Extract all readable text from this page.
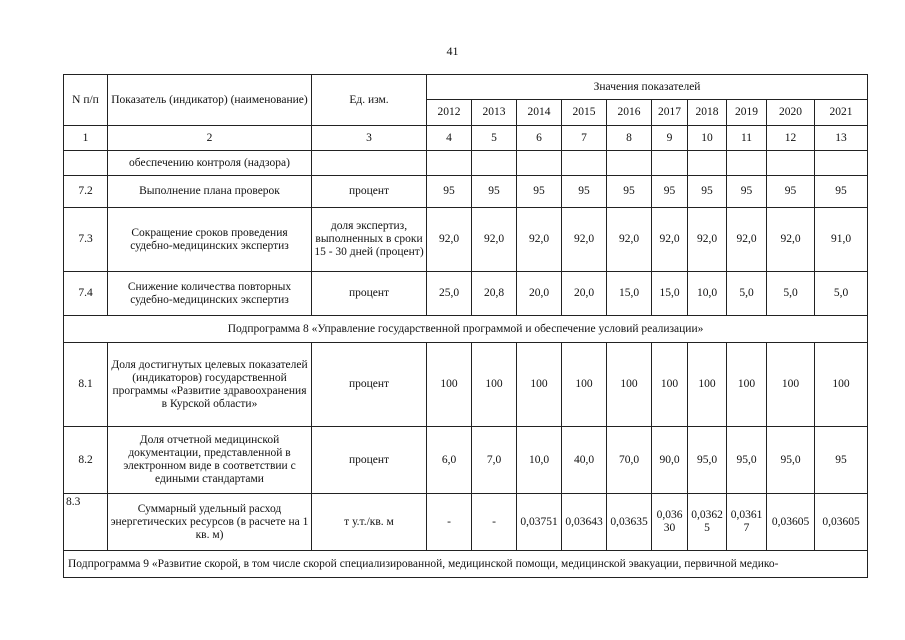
41
N п/п	Показатель (индикатор) (наименование)	Ед. изм.	Значения показателей									
			2012	2013	2014	2015	2016	2017	2018	2019	2020	2021
1	2	3	4	5	6	7	8	9	10	11	12	13
	обеспечению контроля (надзора)											
7.2	Выполнение плана проверок	процент	95	95	95	95	95	95	95	95	95	95
7.3	Сокращение сроков проведения судебно-медицинских экспертиз	доля экспертиз, выполненных в сроки 15 - 30 дней (процент)	92,0	92,0	92,0	92,0	92,0	92,0	92,0	92,0	92,0	91,0
7.4	Снижение количества повторных судебно-медицинских экспертиз	процент	25,0	20,8	20,0	20,0	15,0	15,0	10,0	5,0	5,0	5,0
Подпрограмма 8 «Управление государственной программой и обеспечение условий реализации»												
8.1	Доля достигнутых целевых показателей (индикаторов) государственной программы «Развитие здравоохранения в Курской области»	процент	100	100	100	100	100	100	100	100	100	100
8.2	Доля отчетной медицинской документации, представленной в электронном виде в соответствии с едиными стандартами	процент	6,0	7,0	10,0	40,0	70,0	90,0	95,0	95,0	95,0	95
8.3	Суммарный удельный расход энергетических ресурсов (в расчете на 1 кв. м)	т у.т./кв. м	-	-	0,03751	0,03643	0,03635	0,03630	0,03625	0,03617	0,03605	0,03605
Подпрограмма 9 «Развитие скорой, в том числе скорой специализированной, медицинской помощи, медицинской эвакуации, первичной медико-												
